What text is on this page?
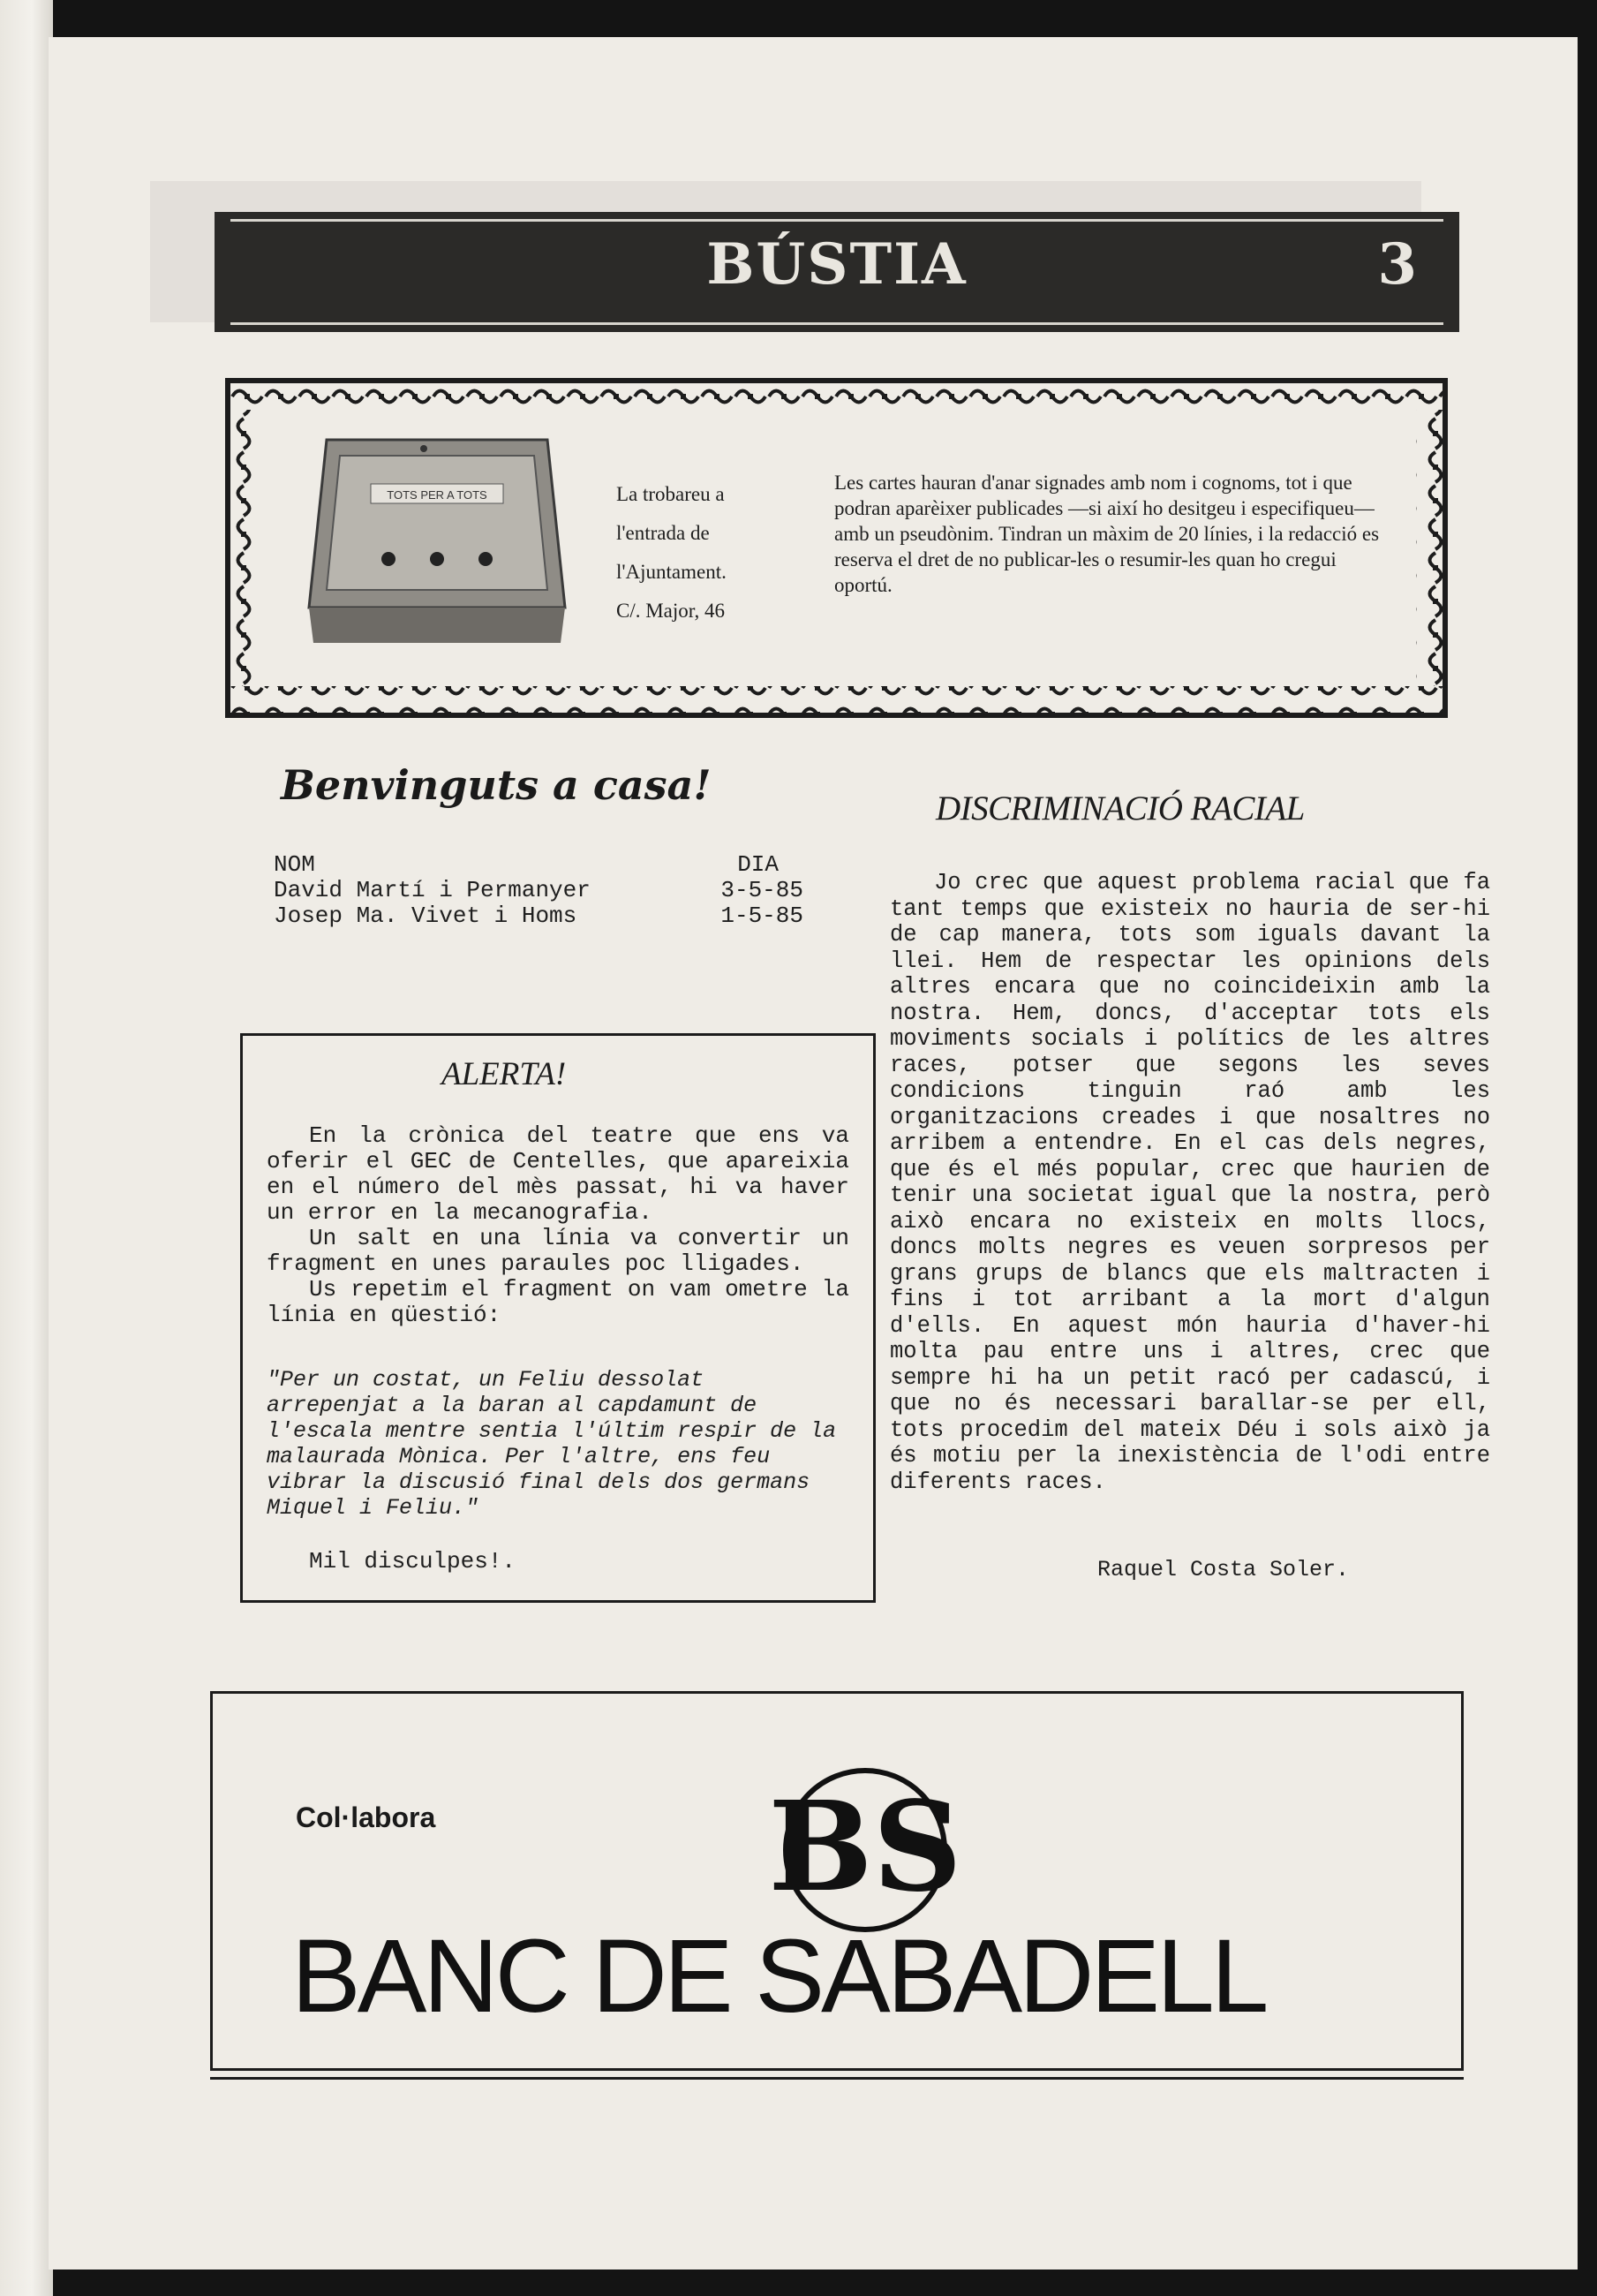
BÚSTIA	3
TOTS PER A TOTS	La trobareu a
l'entrada de
l'Ajuntament.
C/. Major, 46
Les cartes hauran d'anar signades amb nom i cognoms, tot i que podran aparèixer publicades —si així ho desitgeu i especifiqueu— amb un pseudònim. Tindran un màxim de 20 línies, i la redacció es reserva el dret de no publicar-les o resumir-les quan ho cregui oportú.
Benvinguts a casa!
NOM	DIA
David Martí i Permanyer	3-5-85
Josep Ma. Vivet i Homs	1-5-85
ALERTA!

En la crònica del teatre que ens va oferir el GEC de Centelles, que apareixia en el número del mès passat, hi va haver un error en la mecanografia.

Un salt en una línia va convertir un fragment en unes paraules poc lligades.

Us repetim el fragment on vam ometre la línia en qüestió:

"Per un costat, un Feliu dessolat arrepenjat a la baran al capdamunt de l'escala mentre sentia l'últim respir de la malaurada Mònica. Per l'altre, ens feu vibrar la discusió final dels dos germans Miquel i Feliu."
Mil disculpes!.
DISCRIMINACIÓ RACIAL

Jo crec que aquest problema racial que fa tant temps que existeix no hauria de ser-hi de cap manera, tots som iguals davant la llei. Hem de respectar les opinions dels altres encara que no coincideixin amb la nostra. Hem, doncs, d'acceptar tots els moviments socials i polítics de les altres races, potser que segons les seves condicions tinguin raó amb les organitzacions creades i que nosaltres no arribem a entendre. En el cas dels negres, que és el més popular, crec que haurien de tenir una societat igual que la nostra, però això encara no existeix en molts llocs, doncs molts negres es veuen sorpresos per grans grups de blancs que els maltracten i fins i tot arribant a la mort d'algun d'ells. En aquest món hauria d'haver-hi molta pau entre uns i altres, crec que sempre hi ha un petit racó per cadascú, i que no és necessari barallar-se per ell, tots procedim del mateix Déu i sols això ja és motiu per la inexistència de l'odi entre diferents races.

Raquel Costa Soler.
Col·labora	BS
BANC DE SABADELL
